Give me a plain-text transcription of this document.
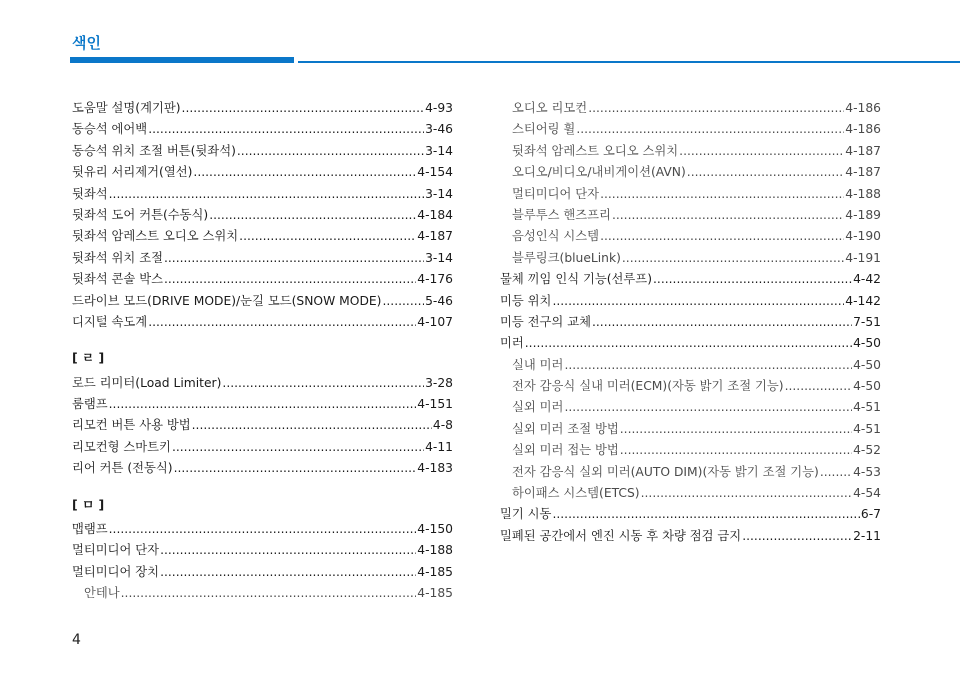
색인
도움말 설명(계기판) .....	4-93
동승석 에어백 .....	3-46
동승석 위치 조절 버튼(뒷좌석) .....	3-14
뒷유리 서리제거(열선) .....	4-154
뒷좌석 .....	3-14
뒷좌석 도어 커튼(수동식) .....	4-184
뒷좌석 암레스트 오디오 스위치 .....	4-187
뒷좌석 위치 조절 .....	3-14
뒷좌석 콘솔 박스 .....	4-176
드라이브 모드(DRIVE MODE)/눈길 모드(SNOW MODE) .....	5-46
디지털 속도계 .....	4-107
[ ㄹ ]
로드 리미터(Load Limiter) .....	3-28
룸램프 .....	4-151
리모컨 버튼 사용 방법 .....	4-8
리모컨형 스마트키 .....	4-11
리어 커튼 (전동식) .....	4-183
[ ㅁ ]
맵램프 .....	4-150
멀티미디어 단자 .....	4-188
멀티미디어 장치 .....	4-185
안테나 .....	4-185
오디오 리모컨 .....	4-186
스티어링 휠 .....	4-186
뒷좌석 암레스트 오디오 스위치 .....	4-187
오디오/비디오/내비게이션(AVN) .....	4-187
멀티미디어 단자 .....	4-188
블루투스 핸즈프리 .....	4-189
음성인식 시스템 .....	4-190
블루링크(blueLink) .....	4-191
물체 끼임 인식 기능(선루프) .....	4-42
미등 위치 .....	4-142
미등 전구의 교체 .....	7-51
미러 .....	4-50
실내 미러 .....	4-50
전자 감응식 실내 미러(ECM)(자동 밝기 조절 기능) .....	4-50
실외 미러 .....	4-51
실외 미러 조절 방법 .....	4-51
실외 미러 접는 방법 .....	4-52
전자 감응식 실외 미러(AUTO DIM)(자동 밝기 조절 기능) .....	4-53
하이패스 시스템(ETCS) .....	4-54
밀기 시동 .....	6-7
밀폐된 공간에서 엔진 시동 후 차량 점검 금지 .....	2-11
4
